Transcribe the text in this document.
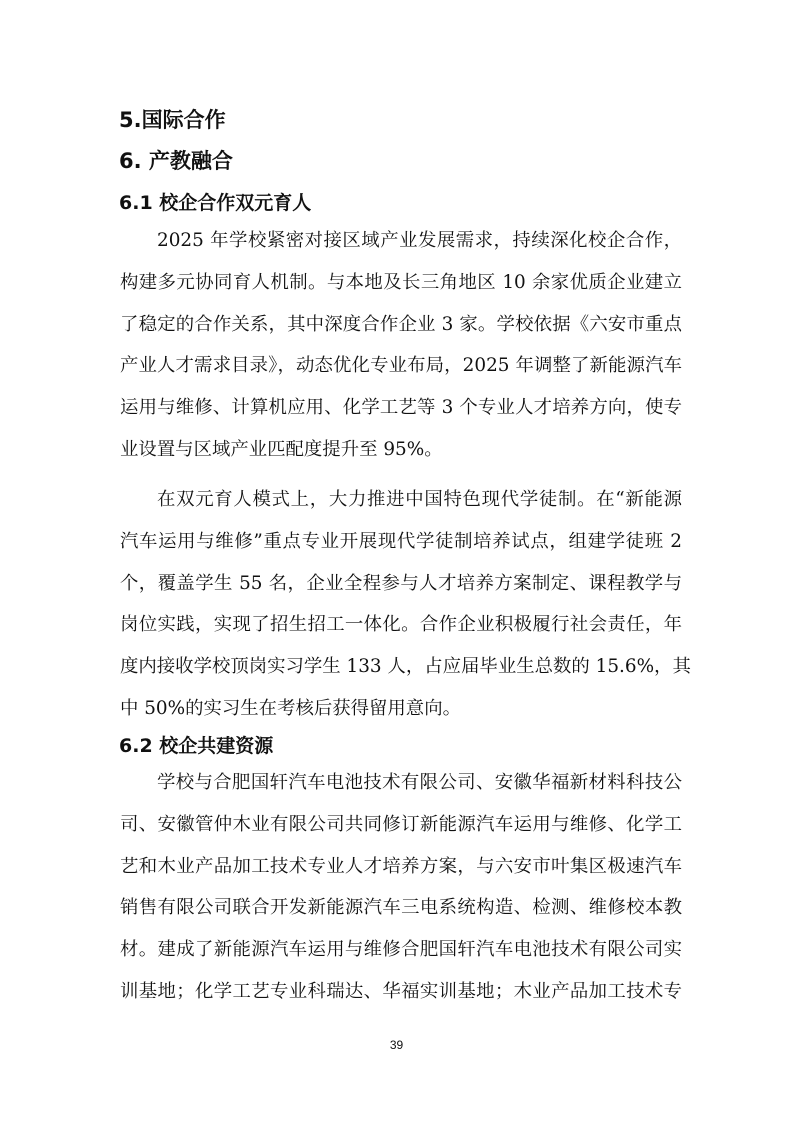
5.国际合作
6. 产教融合
6.1 校企合作双元育人
2025 年学校紧密对接区域产业发展需求，持续深化校企合作，
构建多元协同育人机制。与本地及长三角地区 10 余家优质企业建立
了稳定的合作关系，其中深度合作企业 3 家。学校依据《六安市重点
产业人才需求目录》，动态优化专业布局，2025 年调整了新能源汽车
运用与维修、计算机应用、化学工艺等 3 个专业人才培养方向，使专
业设置与区域产业匹配度提升至 95%。
在双元育人模式上，大力推进中国特色现代学徒制。在“新能源
汽车运用与维修”重点专业开展现代学徒制培养试点，组建学徒班 2
个，覆盖学生 55 名，企业全程参与人才培养方案制定、课程教学与
岗位实践，实现了招生招工一体化。合作企业积极履行社会责任，年
度内接收学校顶岗实习学生 133 人，占应届毕业生总数的 15.6%，其
中 50%的实习生在考核后获得留用意向。
6.2 校企共建资源
学校与合肥国轩汽车电池技术有限公司、安徽华福新材料科技公
司、安徽管仲木业有限公司共同修订新能源汽车运用与维修、化学工
艺和木业产品加工技术专业人才培养方案，与六安市叶集区极速汽车
销售有限公司联合开发新能源汽车三电系统构造、检测、维修校本教
材。建成了新能源汽车运用与维修合肥国轩汽车电池技术有限公司实
训基地；化学工艺专业科瑞达、华福实训基地；木业产品加工技术专
39
